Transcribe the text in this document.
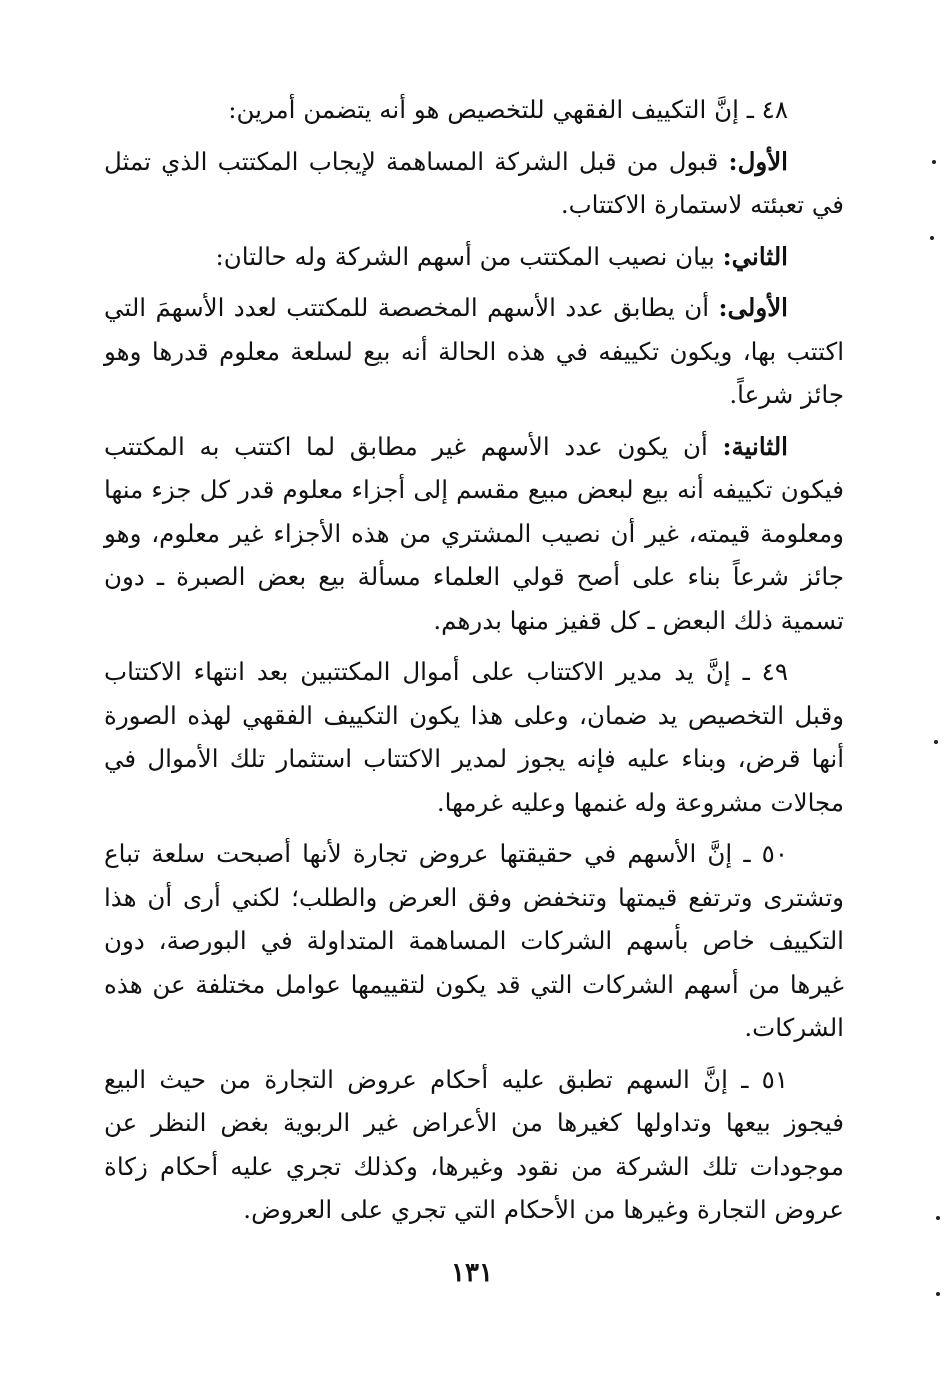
٤٨ ـ إنَّ التكييف الفقهي للتخصيص هو أنه يتضمن أمرين:

الأول: قبول من قبل الشركة المساهمة لإيجاب المكتتب الذي تمثل في تعبئته لاستمارة الاكتتاب.

الثاني: بيان نصيب المكتتب من أسهم الشركة وله حالتان:

الأولى: أن يطابق عدد الأسهم المخصصة للمكتتب لعدد الأسهمَ التي اكتتب بها، ويكون تكييفه في هذه الحالة أنه بيع لسلعة معلوم قدرها وهو جائز شرعاً.

الثانية: أن يكون عدد الأسهم غير مطابق لما اكتتب به المكتتب فيكون تكييفه أنه بيع لبعض مبيع مقسم إلى أجزاء معلوم قدر كل جزء منها ومعلومة قيمته، غير أن نصيب المشتري من هذه الأجزاء غير معلوم، وهو جائز شرعاً بناء على أصح قولي العلماء مسألة بيع بعض الصبرة ـ دون تسمية ذلك البعض ـ كل قفيز منها بدرهم.

٤٩ ـ إنَّ يد مدير الاكتتاب على أموال المكتتبين بعد انتهاء الاكتتاب وقبل التخصيص يد ضمان، وعلى هذا يكون التكييف الفقهي لهذه الصورة أنها قرض، وبناء عليه فإنه يجوز لمدير الاكتتاب استثمار تلك الأموال في مجالات مشروعة وله غنمها وعليه غرمها.

٥٠ ـ إنَّ الأسهم في حقيقتها عروض تجارة لأنها أصبحت سلعة تباع وتشترى وترتفع قيمتها وتنخفض وفق العرض والطلب؛ لكني أرى أن هذا التكييف خاص بأسهم الشركات المساهمة المتداولة في البورصة، دون غيرها من أسهم الشركات التي قد يكون لتقييمها عوامل مختلفة عن هذه الشركات.

٥١ ـ إنَّ السهم تطبق عليه أحكام عروض التجارة من حيث البيع فيجوز بيعها وتداولها كغيرها من الأعراض غير الربوية بغض النظر عن موجودات تلك الشركة من نقود وغيرها، وكذلك تجري عليه أحكام زكاة عروض التجارة وغيرها من الأحكام التي تجري على العروض.

١٣١
